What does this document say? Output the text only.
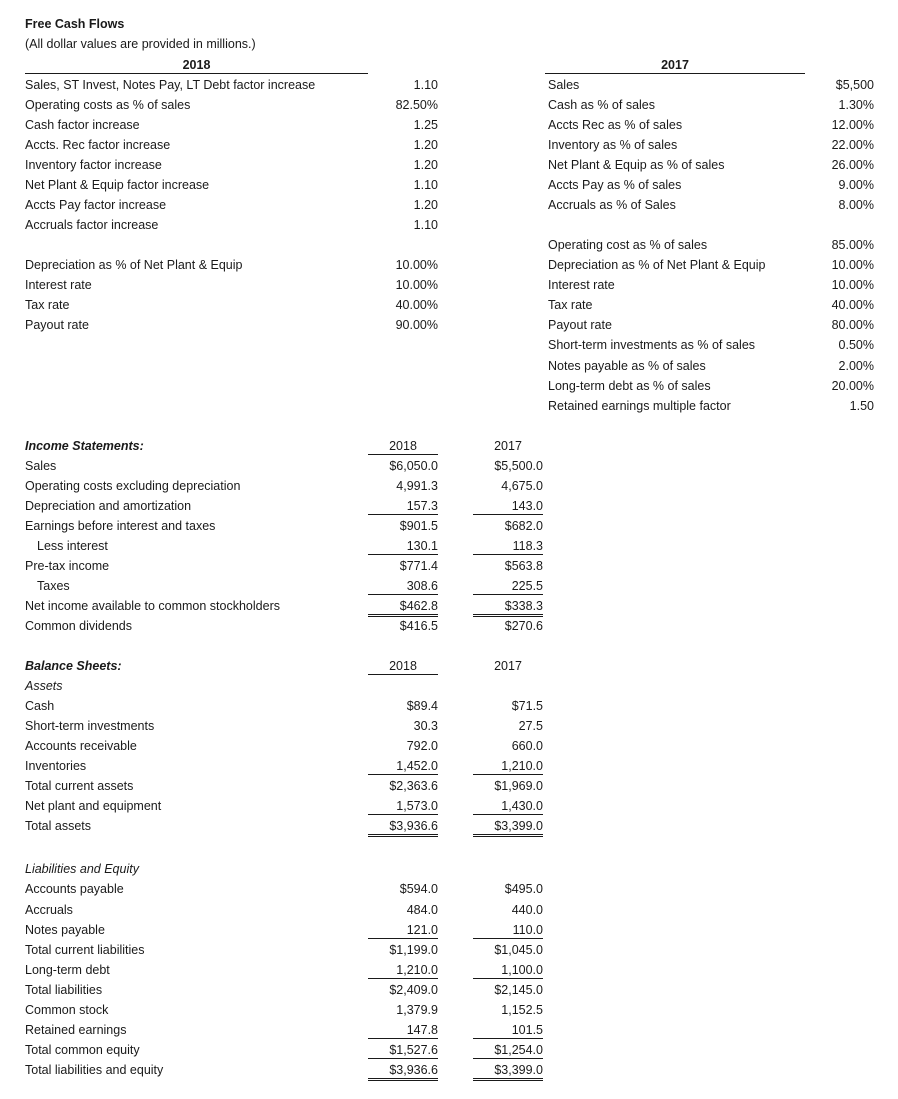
Free Cash Flows
(All dollar values are provided in millions.)
2018	2017
Sales, ST Invest, Notes Pay, LT Debt factor increase	1.10
Operating costs as % of sales	82.50%
Cash factor increase	1.25
Accts. Rec factor increase	1.20
Inventory factor increase	1.20
Net Plant & Equip factor increase	1.10
Accts Pay factor increase	1.20
Accruals factor increase	1.10
Depreciation as % of Net Plant & Equip	10.00%
Interest rate	10.00%
Tax rate	40.00%
Payout rate	90.00%
Sales	$5,500
Cash as % of sales	1.30%
Accts Rec as % of sales	12.00%
Inventory as % of sales	22.00%
Net Plant & Equip as % of sales	26.00%
Accts Pay as % of sales	9.00%
Accruals as % of Sales	8.00%
Operating cost as % of sales	85.00%
Depreciation as % of Net Plant & Equip	10.00%
Interest rate	10.00%
Tax rate	40.00%
Payout rate	80.00%
Short-term investments as % of sales	0.50%
Notes payable as % of sales	2.00%
Long-term debt as % of sales	20.00%
Retained earnings multiple factor	1.50
Income Statements:	2018	2017
Sales	$6,050.0	$5,500.0
Operating costs excluding depreciation	4,991.3	4,675.0
Depreciation and amortization	157.3	143.0
Earnings before interest and taxes	$901.5	$682.0
Less interest	130.1	118.3
Pre-tax income	$771.4	$563.8
Taxes	308.6	225.5
Net income available to common stockholders	$462.8	$338.3
Common dividends	$416.5	$270.6
Balance Sheets:	2018	2017
Assets
Cash	$89.4	$71.5
Short-term investments	30.3	27.5
Accounts receivable	792.0	660.0
Inventories	1,452.0	1,210.0
Total current assets	$2,363.6	$1,969.0
Net plant and equipment	1,573.0	1,430.0
Total assets	$3,936.6	$3,399.0
Liabilities and Equity
Accounts payable	$594.0	$495.0
Accruals	484.0	440.0
Notes payable	121.0	110.0
Total current liabilities	$1,199.0	$1,045.0
Long-term debt	1,210.0	1,100.0
Total liabilities	$2,409.0	$2,145.0
Common stock	1,379.9	1,152.5
Retained earnings	147.8	101.5
Total common equity	$1,527.6	$1,254.0
Total liabilities and equity	$3,936.6	$3,399.0
